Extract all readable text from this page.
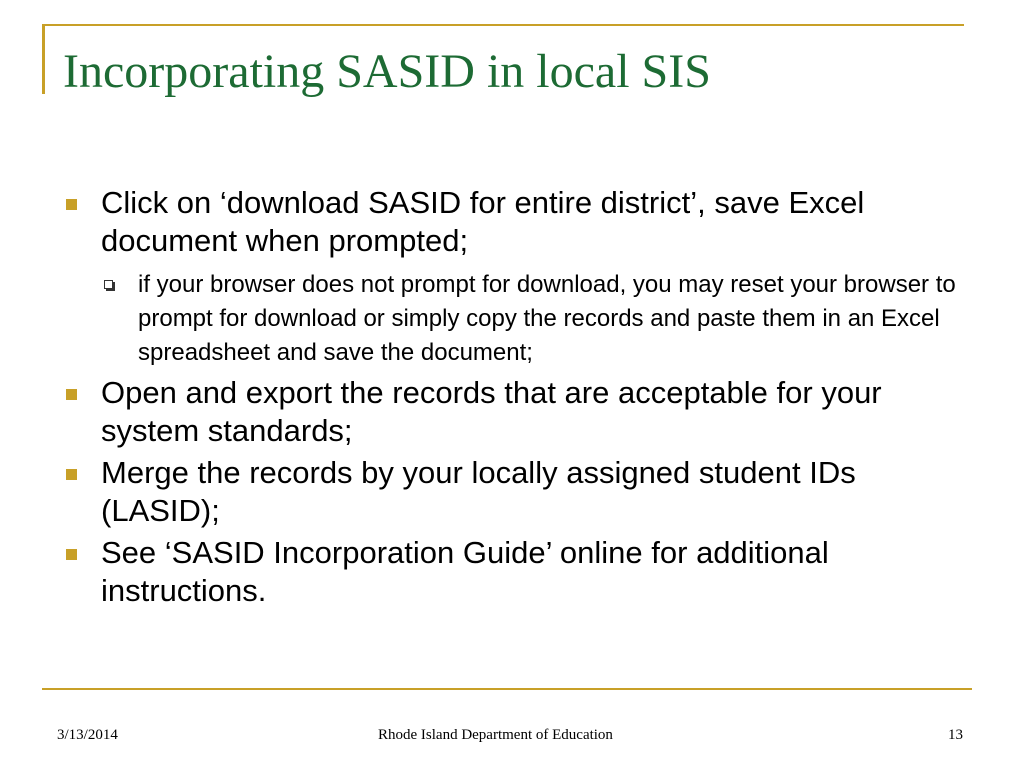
Incorporating SASID in local SIS
Click on ‘download SASID for entire district’, save Excel document when prompted;
if your browser does not prompt for download, you may reset your browser to prompt for download or simply copy the records and paste them in an Excel spreadsheet and save the document;
Open and export the records that are acceptable for your system standards;
Merge the records by your locally assigned student IDs (LASID);
See ‘SASID Incorporation Guide’ online for additional instructions.
3/13/2014	Rhode Island Department of Education	13
